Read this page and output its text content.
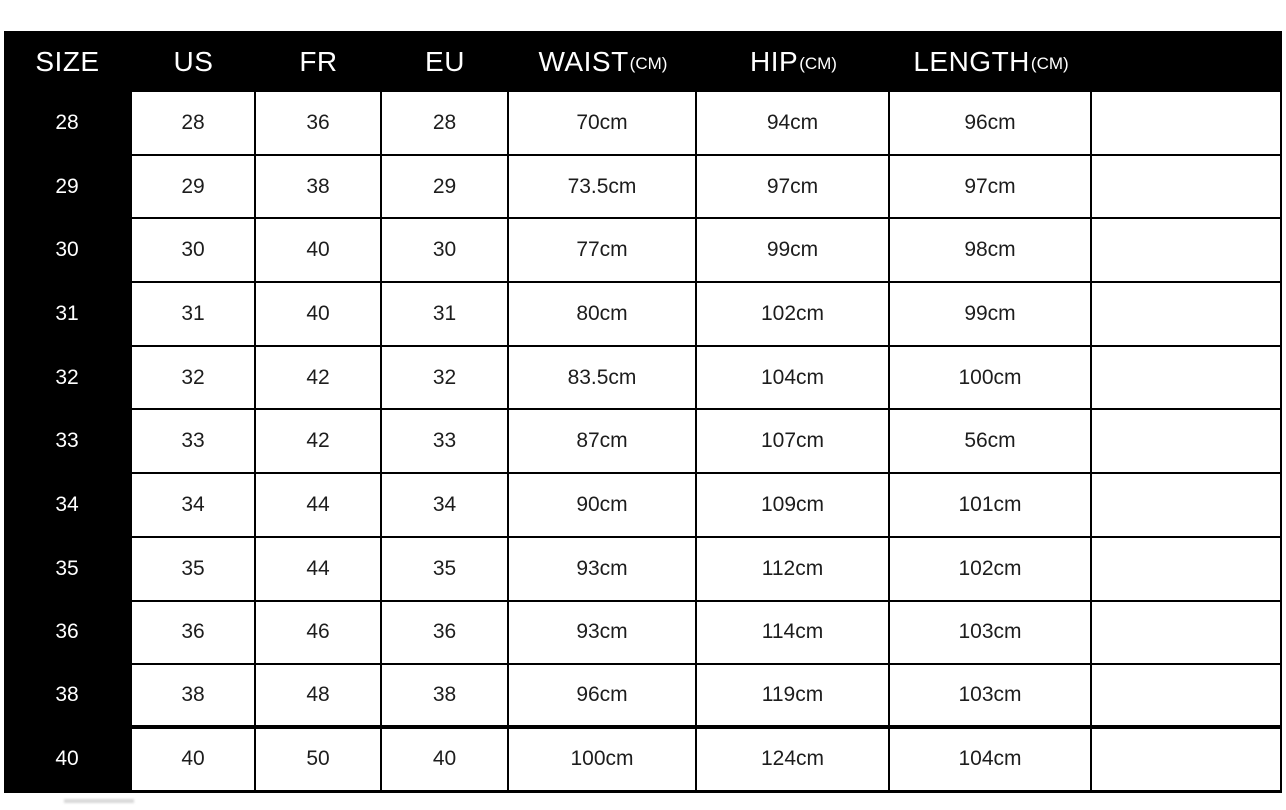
SIZE	US	FR	EU	WAIST (CM)	HIP (CM)	LENGTH (CM)
28	28	36	28	70cm	94cm	96cm
29	29	38	29	73.5cm	97cm	97cm
30	30	40	30	77cm	99cm	98cm
31	31	40	31	80cm	102cm	99cm
32	32	42	32	83.5cm	104cm	100cm
33	33	42	33	87cm	107cm	56cm
34	34	44	34	90cm	109cm	101cm
35	35	44	35	93cm	112cm	102cm
36	36	46	36	93cm	114cm	103cm
38	38	48	38	96cm	119cm	103cm
40	40	50	40	100cm	124cm	104cm
